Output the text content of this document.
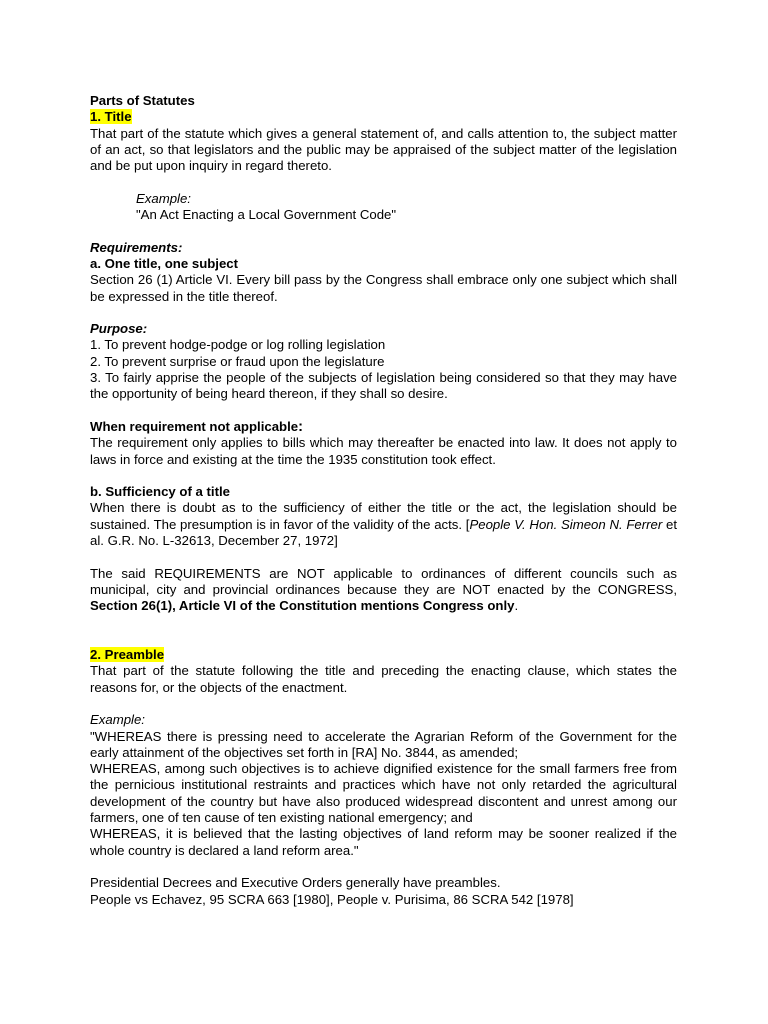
Parts of Statutes

1. Title

That part of the statute which gives a general statement of, and calls attention to, the subject matter of an act, so that legislators and the public may be appraised of the subject matter of the legislation and be put upon inquiry in regard thereto.

Example:

"An Act Enacting a Local Government Code"

Requirements:

a. One title, one subject

Section 26 (1) Article VI. Every bill pass by the Congress shall embrace only one subject which shall be expressed in the title thereof.

Purpose:

1. To prevent hodge-podge or log rolling legislation

2. To prevent surprise or fraud upon the legislature

3. To fairly apprise the people of the subjects of legislation being considered so that they may have the opportunity of being heard thereon, if they shall so desire.

When requirement not applicable:

The requirement only applies to bills which may thereafter be enacted into law. It does not apply to laws in force and existing at the time the 1935 constitution took effect.

b. Sufficiency of a title

When there is doubt as to the sufficiency of either the title or the act, the legislation should be sustained. The presumption is in favor of the validity of the acts. [People V. Hon. Simeon N. Ferrer et al. G.R. No. L-32613, December 27, 1972]

The said REQUIREMENTS are NOT applicable to ordinances of different councils such as municipal, city and provincial ordinances because they are NOT enacted by the CONGRESS, Section 26(1), Article VI of the Constitution mentions Congress only.

2. Preamble

That part of the statute following the title and preceding the enacting clause, which states the reasons for, or the objects of the enactment.

Example:

"WHEREAS there is pressing need to accelerate the Agrarian Reform of the Government for the early attainment of the objectives set forth in [RA] No. 3844, as amended;

WHEREAS, among such objectives is to achieve dignified existence for the small farmers free from the pernicious institutional restraints and practices which have not only retarded the agricultural development of the country but have also produced widespread discontent and unrest among our farmers, one of ten cause of ten existing national emergency; and

WHEREAS, it is believed that the lasting objectives of land reform may be sooner realized if the whole country is declared a land reform area."

Presidential Decrees and Executive Orders generally have preambles.

People vs Echavez, 95 SCRA 663 [1980], People v. Purisima, 86 SCRA 542 [1978]
